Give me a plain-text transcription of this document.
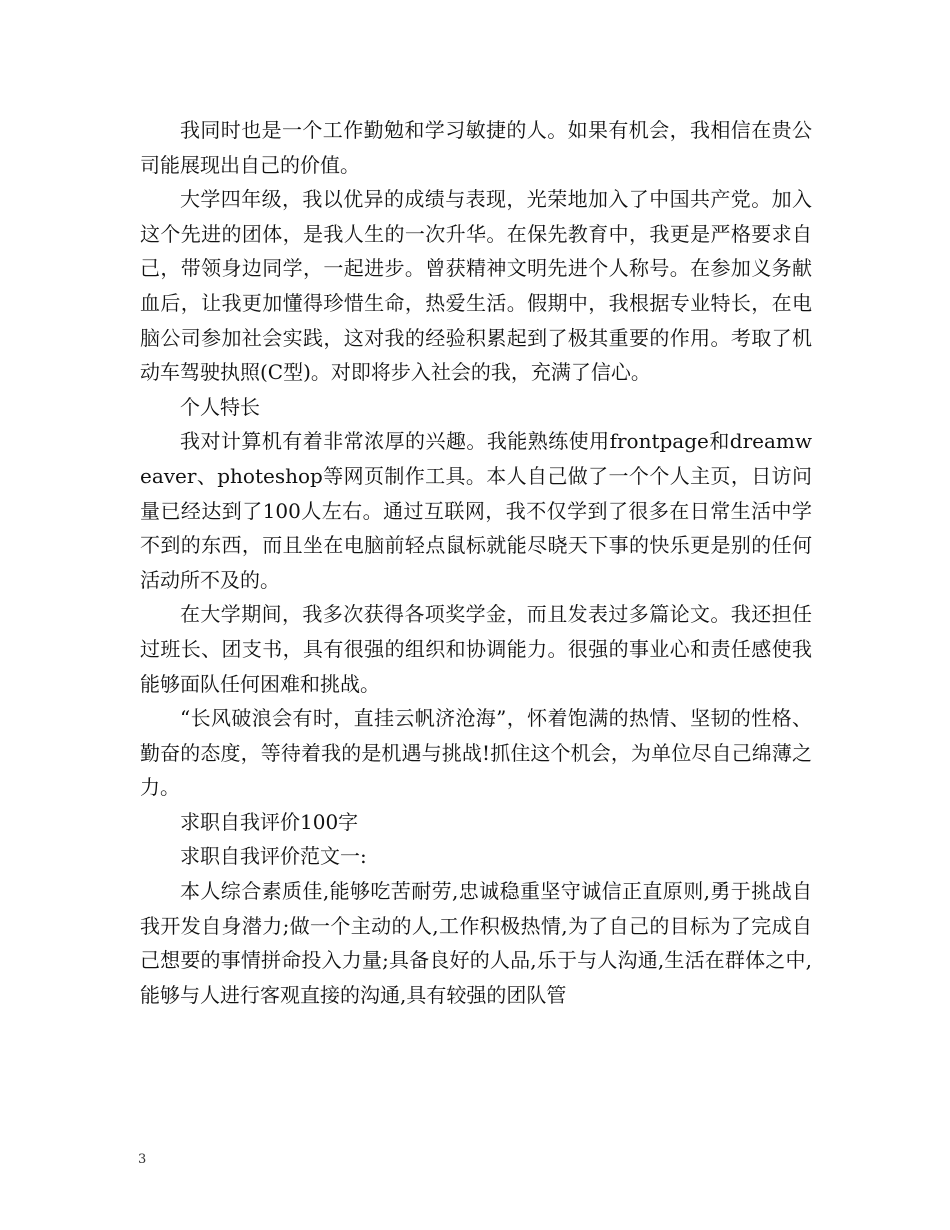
我同时也是一个工作勤勉和学习敏捷的人。如果有机会，我相信在贵公司能展现出自己的价值。

大学四年级，我以优异的成绩与表现，光荣地加入了中国共产党。加入这个先进的团体，是我人生的一次升华。在保先教育中，我更是严格要求自己，带领身边同学，一起进步。曾获精神文明先进个人称号。在参加义务献血后，让我更加懂得珍惜生命，热爱生活。假期中，我根据专业特长，在电脑公司参加社会实践，这对我的经验积累起到了极其重要的作用。考取了机动车驾驶执照(C型)。对即将步入社会的我，充满了信心。

个人特长

我对计算机有着非常浓厚的兴趣。我能熟练使用frontpage和dreamweaver、photeshop等网页制作工具。本人自己做了一个个人主页，日访问量已经达到了100人左右。通过互联网，我不仅学到了很多在日常生活中学不到的东西，而且坐在电脑前轻点鼠标就能尽晓天下事的快乐更是别的任何活动所不及的。

在大学期间，我多次获得各项奖学金，而且发表过多篇论文。我还担任过班长、团支书，具有很强的组织和协调能力。很强的事业心和责任感使我能够面队任何困难和挑战。

“长风破浪会有时，直挂云帆济沧海”，怀着饱满的热情、坚韧的性格、勤奋的态度，等待着我的是机遇与挑战!抓住这个机会，为单位尽自己绵薄之力。

求职自我评价100字

求职自我评价范文一:

本人综合素质佳,能够吃苦耐劳,忠诚稳重坚守诚信正直原则,勇于挑战自我开发自身潜力;做一个主动的人,工作积极热情,为了自己的目标为了完成自己想要的事情拼命投入力量;具备良好的人品,乐于与人沟通,生活在群体之中,能够与人进行客观直接的沟通,具有较强的团队管

3
